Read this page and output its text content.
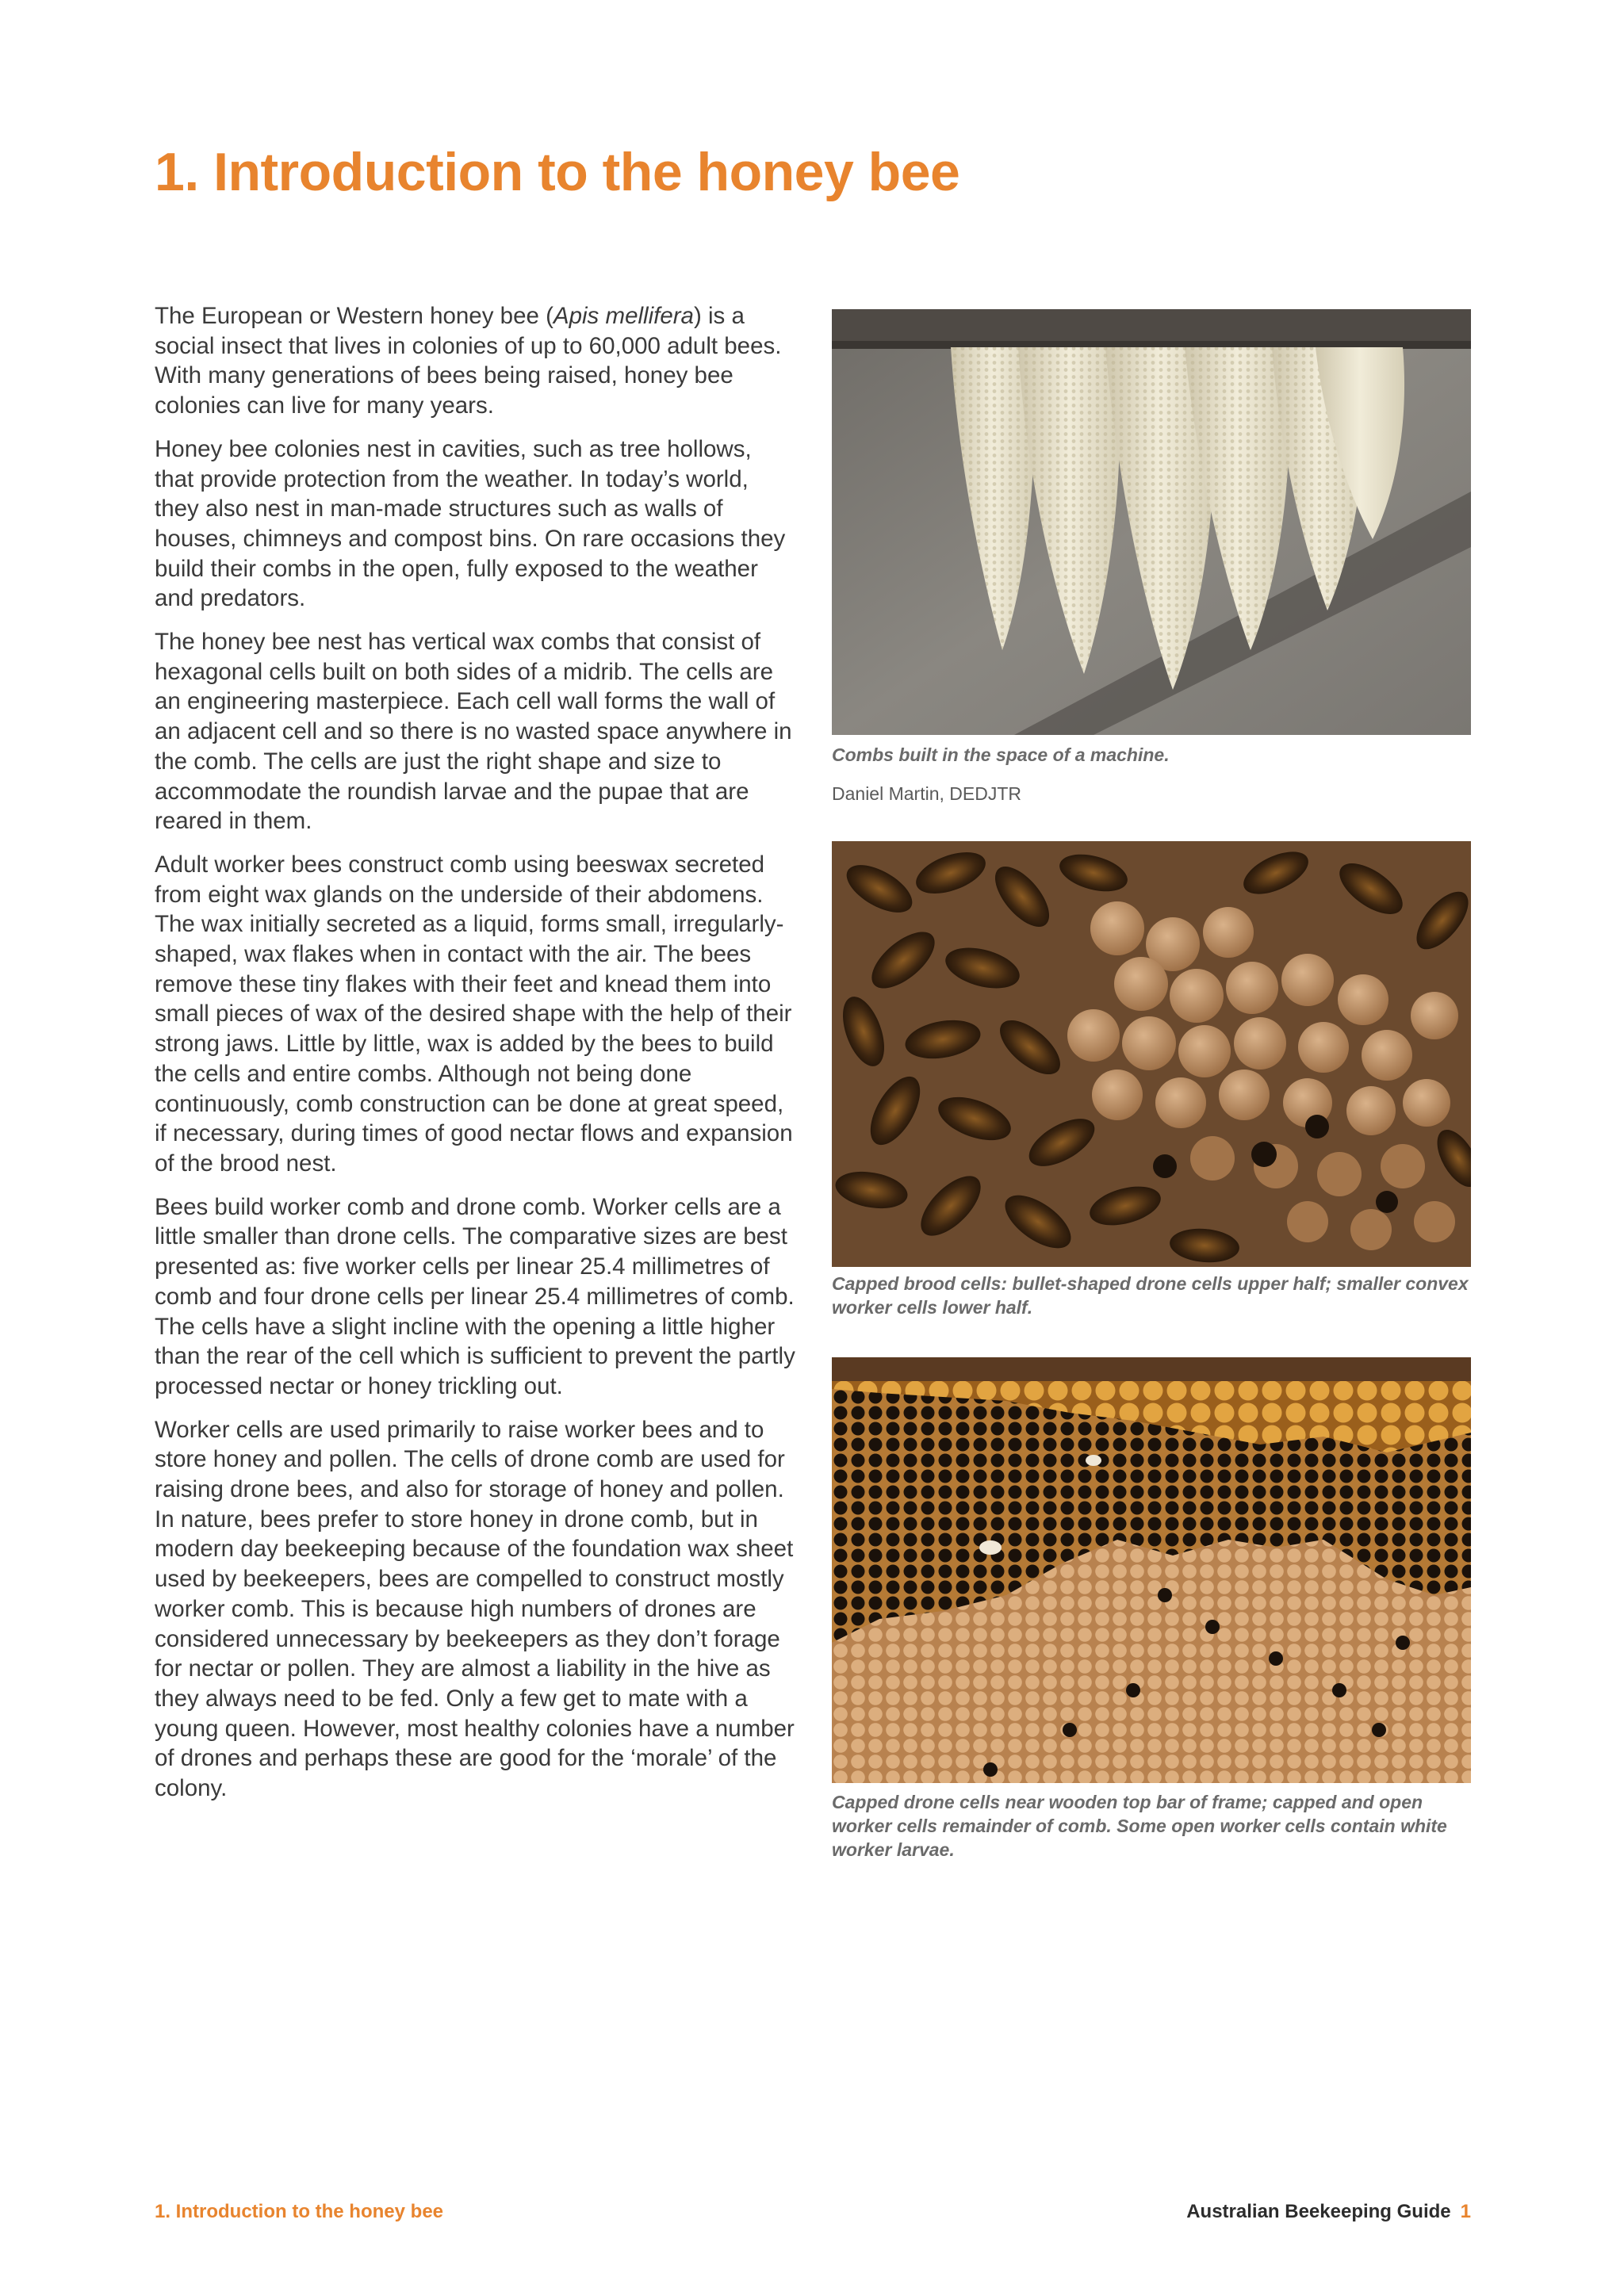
1. Introduction to the honey bee

The European or Western honey bee (Apis mellifera) is a social insect that lives in colonies of up to 60,000 adult bees. With many generations of bees being raised, honey bee colonies can live for many years.

Honey bee colonies nest in cavities, such as tree hollows, that provide protection from the weather. In today’s world, they also nest in man-made structures such as walls of houses, chimneys and compost bins. On rare occasions they build their combs in the open, fully exposed to the weather and predators.

The honey bee nest has vertical wax combs that consist of hexagonal cells built on both sides of a midrib. The cells are an engineering masterpiece. Each cell wall forms the wall of an adjacent cell and so there is no wasted space anywhere in the comb. The cells are just the right shape and size to accommodate the roundish larvae and the pupae that are reared in them.

Adult worker bees construct comb using beeswax secreted from eight wax glands on the underside of their abdomens. The wax initially secreted as a liquid, forms small, irregularly-shaped, wax flakes when in contact with the air. The bees remove these tiny flakes with their feet and knead them into small pieces of wax of the desired shape with the help of their strong jaws. Little by little, wax is added by the bees to build the cells and entire combs. Although not being done continuously, comb construction can be done at great speed, if necessary, during times of good nectar flows and expansion of the brood nest.

Bees build worker comb and drone comb. Worker cells are a little smaller than drone cells. The comparative sizes are best presented as: five worker cells per linear 25.4 millimetres of comb and four drone cells per linear 25.4 millimetres of comb. The cells have a slight incline with the opening a little higher than the rear of the cell which is sufficient to prevent the partly processed nectar or honey trickling out.

Worker cells are used primarily to raise worker bees and to store honey and pollen. The cells of drone comb are used for raising drone bees, and also for storage of honey and pollen. In nature, bees prefer to store honey in drone comb, but in modern day beekeeping because of the foundation wax sheet used by beekeepers, bees are compelled to construct mostly worker comb. This is because high numbers of drones are considered unnecessary by beekeepers as they don’t forage for nectar or pollen. They are almost a liability in the hive as they always need to be fed. Only a few get to mate with a young queen. However, most healthy colonies have a number of drones and perhaps these are good for the ‘morale’ of the colony.

Combs built in the space of a machine.

Daniel Martin, DEDJTR

Capped brood cells: bullet-shaped drone cells upper half; smaller convex worker cells lower half.

Capped drone cells near wooden top bar of frame; capped and open worker cells remainder of comb. Some open worker cells contain white worker larvae.

1. Introduction to the honey bee	Australian Beekeeping Guide 1
